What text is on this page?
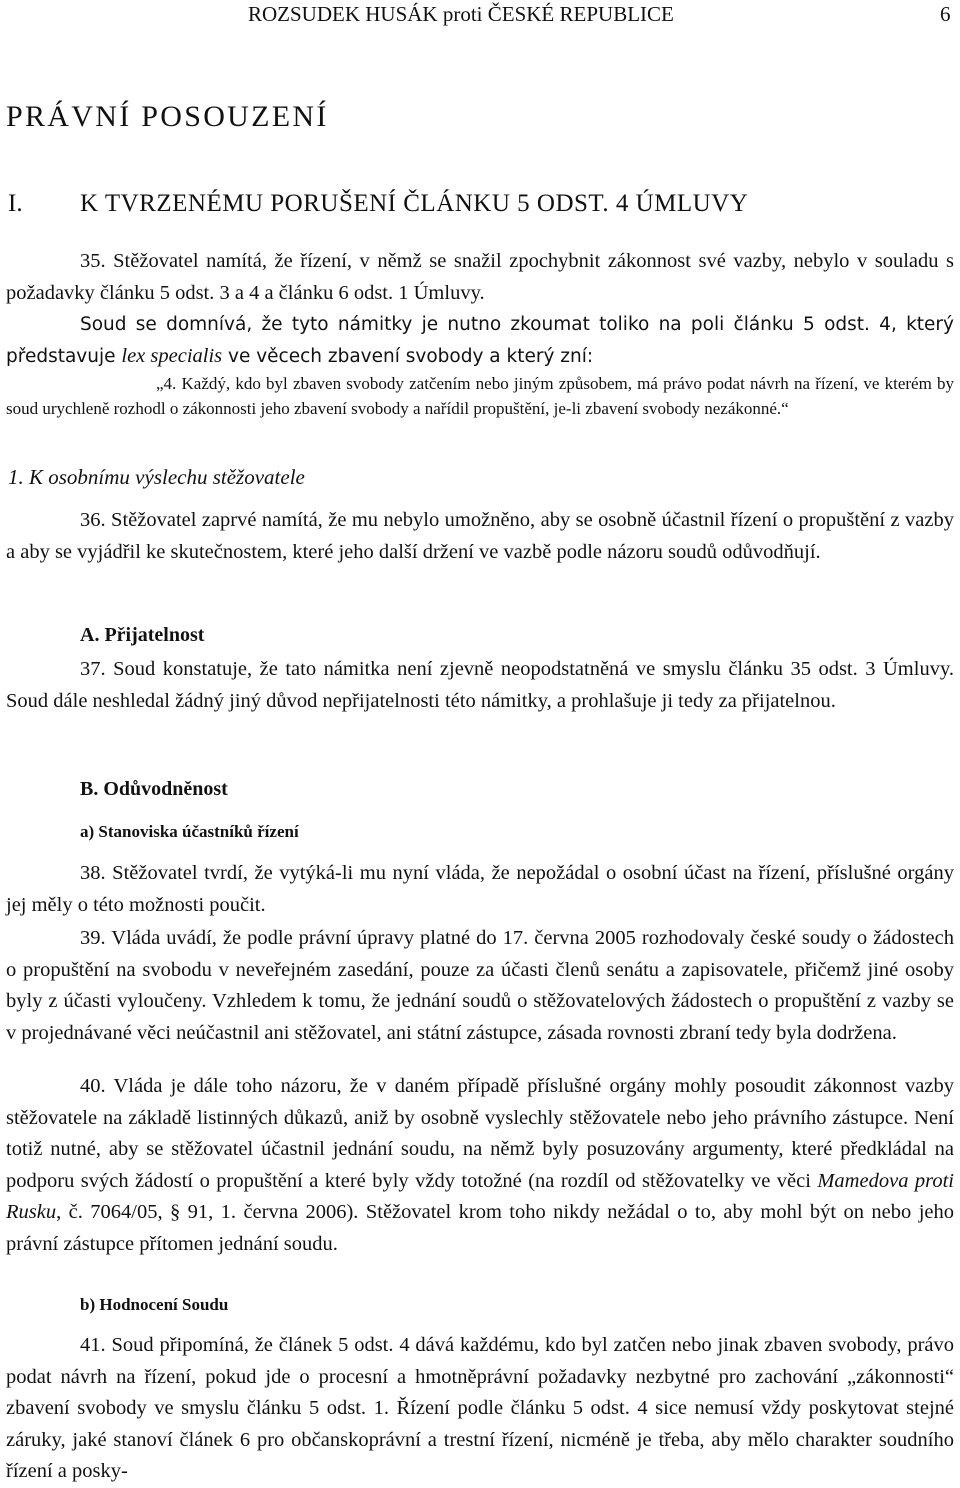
ROZSUDEK HUSÁK proti ČESKÉ REPUBLICE	6
PRÁVNÍ POSOUZENÍ
I. K TVRZENÉMU PORUŠENÍ ČLÁNKU 5 ODST. 4 ÚMLUVY

35. Stěžovatel namítá, že řízení, v němž se snažil zpochybnit zákonnost své vazby, nebylo v souladu s požadavky článku 5 odst. 3 a 4 a článku 6 odst. 1 Úmluvy.

Soud se domnívá, že tyto námitky je nutno zkoumat toliko na poli článku 5 odst. 4, který představuje lex specialis ve věcech zbavení svobody a který zní:

„4. Každý, kdo byl zbaven svobody zatčením nebo jiným způsobem, má právo podat návrh na řízení, ve kterém by soud urychleně rozhodl o zákonnosti jeho zbavení svobody a nařídil propuštění, je-li zbavení svobody nezákonné.“
1. K osobnímu výslechu stěžovatele

36. Stěžovatel zaprvé namítá, že mu nebylo umožněno, aby se osobně účastnil řízení o propuštění z vazby a aby se vyjádřil ke skutečnostem, které jeho další držení ve vazbě podle názoru soudů odůvodňují.

A. Přijatelnost

37. Soud konstatuje, že tato námitka není zjevně neopodstatněná ve smyslu článku 35 odst. 3 Úmluvy. Soud dále neshledal žádný jiný důvod nepřijatelnosti této námitky, a prohlašuje ji tedy za přijatelnou.

B. Odůvodněnost
a) Stanoviska účastníků řízení

38. Stěžovatel tvrdí, že vytýká-li mu nyní vláda, že nepožádal o osobní účast na řízení, příslušné orgány jej měly o této možnosti poučit.

39. Vláda uvádí, že podle právní úpravy platné do 17. června 2005 rozhodovaly české soudy o žádostech o propuštění na svobodu v neveřejném zasedání, pouze za účasti členů senátu a zapisovatele, přičemž jiné osoby byly z účasti vyloučeny. Vzhledem k tomu, že jednání soudů o stěžovatelových žádostech o propuštění z vazby se v projednávané věci neúčastnil ani stěžovatel, ani státní zástupce, zásada rovnosti zbraní tedy byla dodržena.

40. Vláda je dále toho názoru, že v daném případě příslušné orgány mohly posoudit zákonnost vazby stěžovatele na základě listinných důkazů, aniž by osobně vyslechly stěžovatele nebo jeho právního zástupce. Není totiž nutné, aby se stěžovatel účastnil jednání soudu, na němž byly posuzovány argumenty, které předkládal na podporu svých žádostí o propuštění a které byly vždy totožné (na rozdíl od stěžovatelky ve věci Mamedova proti Rusku, č. 7064/05, § 91, 1. června 2006). Stěžovatel krom toho nikdy nežádal o to, aby mohl být on nebo jeho právní zástupce přítomen jednání soudu.

b) Hodnocení Soudu

41. Soud připomíná, že článek 5 odst. 4 dává každému, kdo byl zatčen nebo jinak zbaven svobody, právo podat návrh na řízení, pokud jde o procesní a hmotněprávní požadavky nezbytné pro zachování „zákonnosti“ zbavení svobody ve smyslu článku 5 odst. 1. Řízení podle článku 5 odst. 4 sice nemusí vždy poskytovat stejné záruky, jaké stanoví článek 6 pro občanskoprávní a trestní řízení, nicméně je třeba, aby mělo charakter soudního řízení a posky-
